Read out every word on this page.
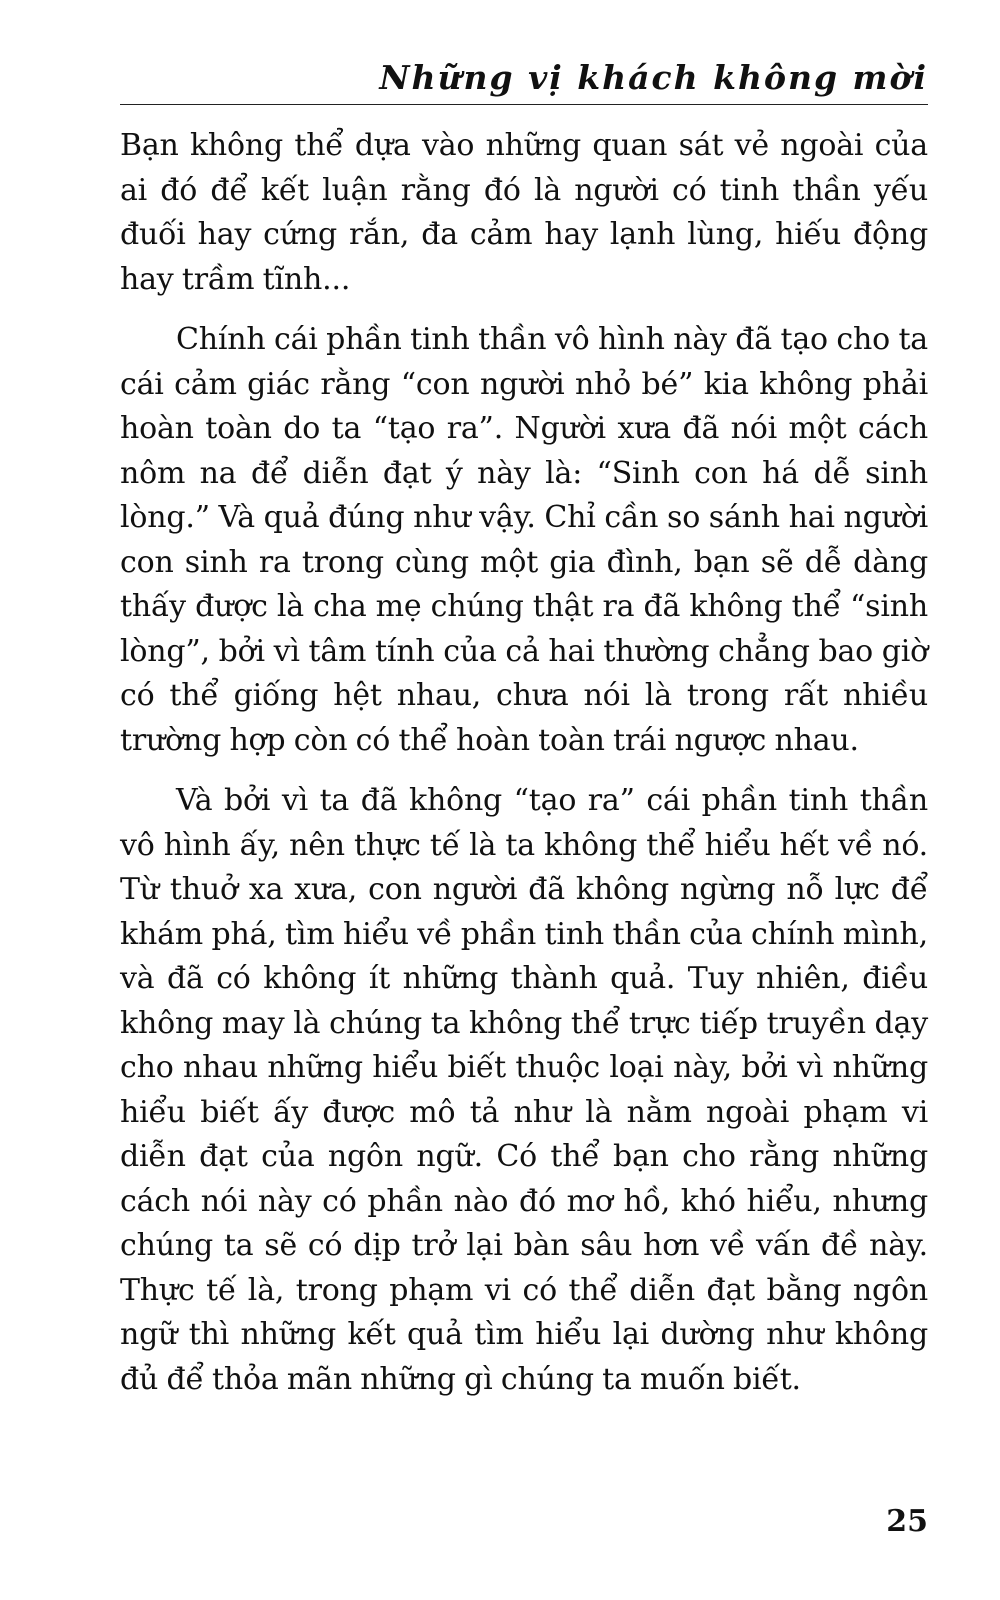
Những vị khách không mời

Bạn không thể dựa vào những quan sát vẻ ngoài của ai đó để kết luận rằng đó là người có tinh thần yếu đuối hay cứng rắn, đa cảm hay lạnh lùng, hiếu động hay trầm tĩnh...

Chính cái phần tinh thần vô hình này đã tạo cho ta cái cảm giác rằng “con người nhỏ bé” kia không phải hoàn toàn do ta “tạo ra”. Người xưa đã nói một cách nôm na để diễn đạt ý này là: “Sinh con há dễ sinh lòng.” Và quả đúng như vậy. Chỉ cần so sánh hai người con sinh ra trong cùng một gia đình, bạn sẽ dễ dàng thấy được là cha mẹ chúng thật ra đã không thể “sinh lòng”, bởi vì tâm tính của cả hai thường chẳng bao giờ có thể giống hệt nhau, chưa nói là trong rất nhiều trường hợp còn có thể hoàn toàn trái ngược nhau.

Và bởi vì ta đã không “tạo ra” cái phần tinh thần vô hình ấy, nên thực tế là ta không thể hiểu hết về nó. Từ thuở xa xưa, con người đã không ngừng nỗ lực để khám phá, tìm hiểu về phần tinh thần của chính mình, và đã có không ít những thành quả. Tuy nhiên, điều không may là chúng ta không thể trực tiếp truyền dạy cho nhau những hiểu biết thuộc loại này, bởi vì những hiểu biết ấy được mô tả như là nằm ngoài phạm vi diễn đạt của ngôn ngữ. Có thể bạn cho rằng những cách nói này có phần nào đó mơ hồ, khó hiểu, nhưng chúng ta sẽ có dịp trở lại bàn sâu hơn về vấn đề này. Thực tế là, trong phạm vi có thể diễn đạt bằng ngôn ngữ thì những kết quả tìm hiểu lại dường như không đủ để thỏa mãn những gì chúng ta muốn biết.

25
